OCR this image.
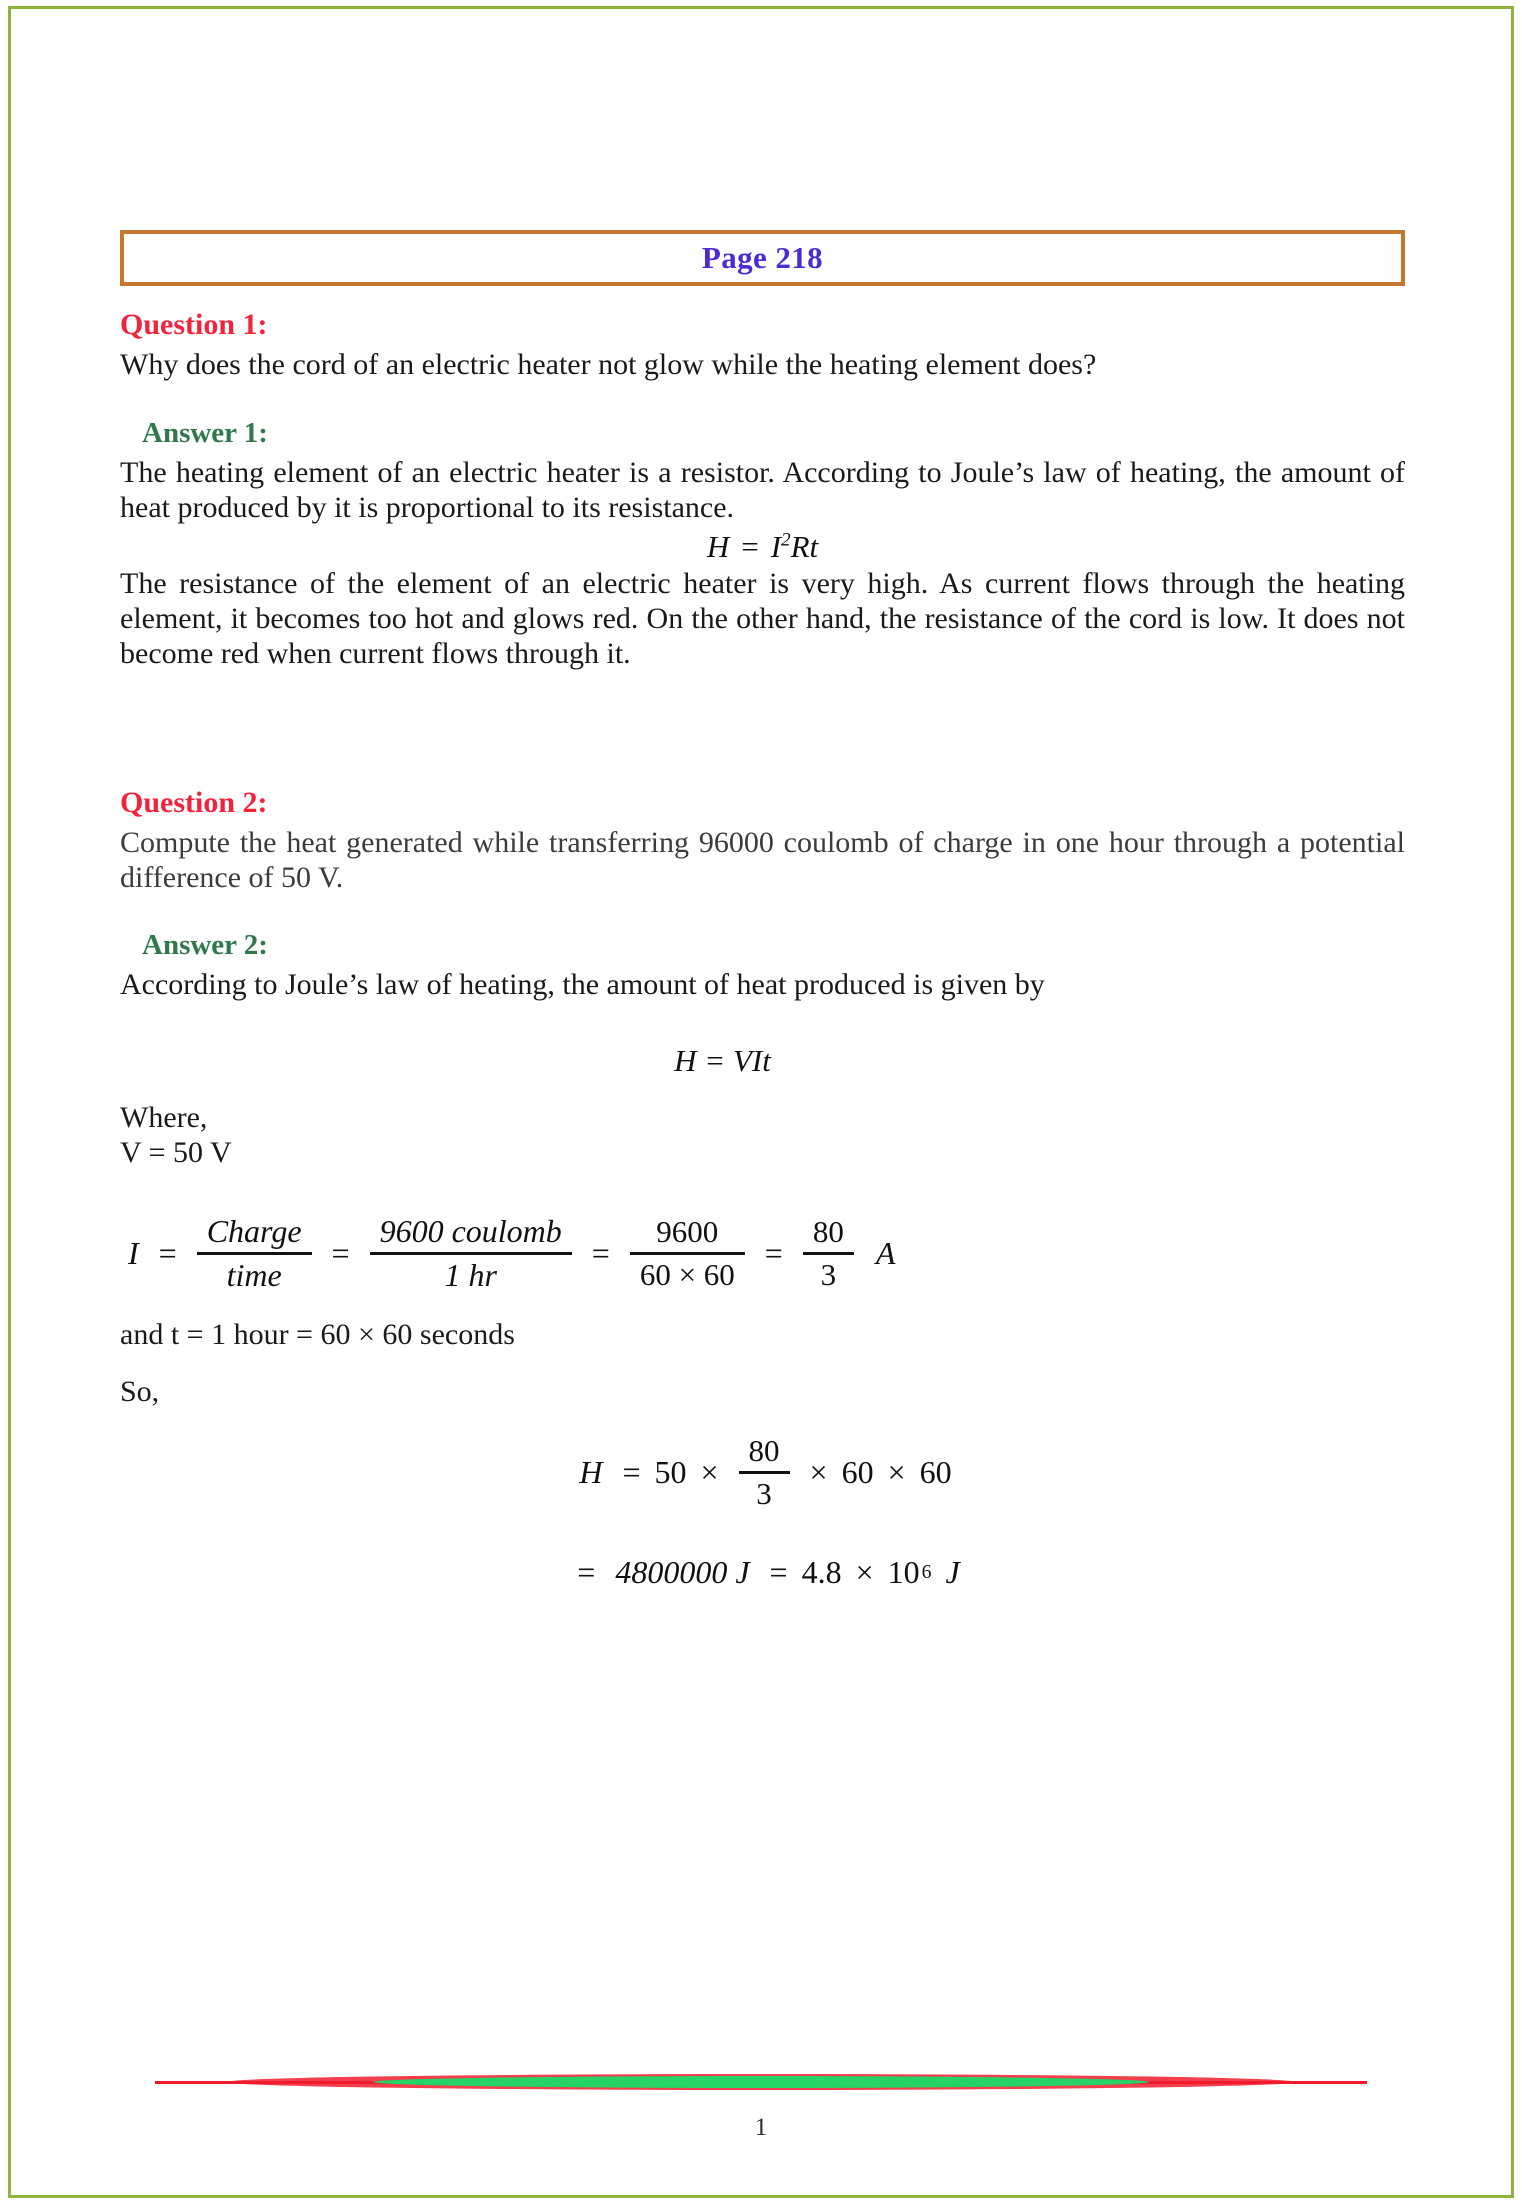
Page 218
Question 1:

Why does the cord of an electric heater not glow while the heating element does?

Answer 1:

The heating element of an electric heater is a resistor. According to Joule’s law of heating, the amount of heat produced by it is proportional to its resistance.

$H = I^2Rt$

The resistance of the element of an electric heater is very high. As current flows through the heating element, it becomes too hot and glows red. On the other hand, the resistance of the cord is low. It does not become red when current flows through it.

Question 2:

Compute the heat generated while transferring 96000 coulomb of charge in one hour through a potential difference of 50 V.

Answer 2:

According to Joule’s law of heating, the amount of heat produced is given by

H = VIt

Where,

V = 50 V

$I = \frac{\text{Charge}}{\text{time}} = \frac{\text{9600 coulomb}}{1 hr} = \frac{9600}{60 \times 60} = \frac{80}{3}$ A

and t = 1 hour = 60 × 60 seconds

So,

$H = 50 \times \frac{80}{3} \times 60 \times 60$
= 4800000 J = 4.8 × 10 6 J
1
